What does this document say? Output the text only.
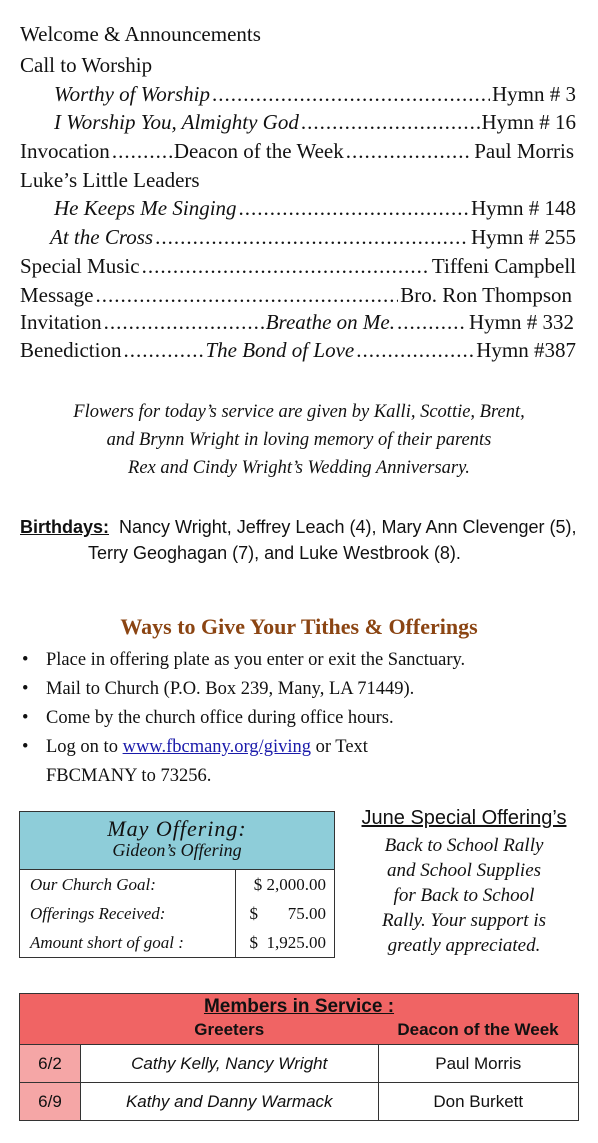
Welcome & Announcements
Call to Worship
Worthy of Worship .....	Hymn # 3
I Worship You, Almighty God .....	Hymn # 16
Invocation .....	Deacon of the Week .....	Paul Morris
Luke’s Little Leaders
He Keeps Me Singing .....	Hymn # 148
At the Cross .....	Hymn # 255
Special Music .....	Tiffeni Campbell
Message .....	Bro. Ron Thompson
Invitation .....	Breathe on Me. .....	Hymn # 332
Benediction .....	The Bond of Love .....	Hymn #387
Flowers for today’s service are given by Kalli, Scottie, Brent,
and Brynn Wright in loving memory of their parents
Rex and Cindy Wright’s Wedding Anniversary.
Birthdays: Nancy Wright, Jeffrey Leach (4), Mary Ann Clevenger (5),
Terry Geoghagan (7), and Luke Westbrook (8).
Ways to Give Your Tithes & Offerings
• Place in offering plate as you enter or exit the Sanctuary.
• Mail to Church (P.O. Box 239, Many, LA 71449).
• Come by the church office during office hours.
• Log on to www.fbcmany.org/giving or Text
FBCMANY to 73256.
May Offering:
Gideon’s Offering
Our Church Goal:	$ 2,000.00
Offerings Received:	$       75.00
Amount short of goal :	$  1,925.00
June Special Offering’s
Back to School Rally
and School Supplies
for Back to School
Rally. Your support is
greatly appreciated.
Members in Service :		
	Greeters	Deacon of the Week
6/2	Cathy Kelly, Nancy Wright	Paul Morris
6/9	Kathy and Danny Warmack	Don Burkett
